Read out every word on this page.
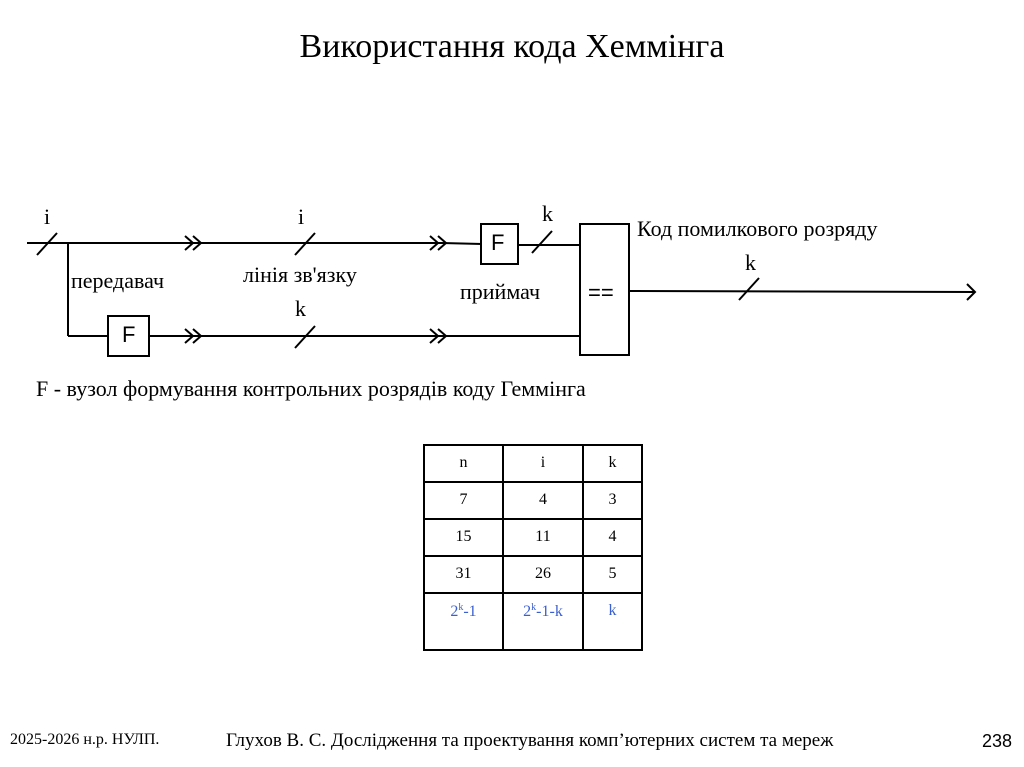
Використання кода Хеммінга
i	i	k
k
k
передавач	лінія зв'язку
приймач
Код помилкового розряду
F
F
==
F - вузол формування контрольних розрядів коду Геммінга
n	i	k
7	4	3
15	11	4
31	26	5
2$^k$-1	2$^k$-1-k	k
2025-2026 н.р. НУЛП.	Глухов В. С. Дослідження та проектування комп’ютерних систем та мереж	238
